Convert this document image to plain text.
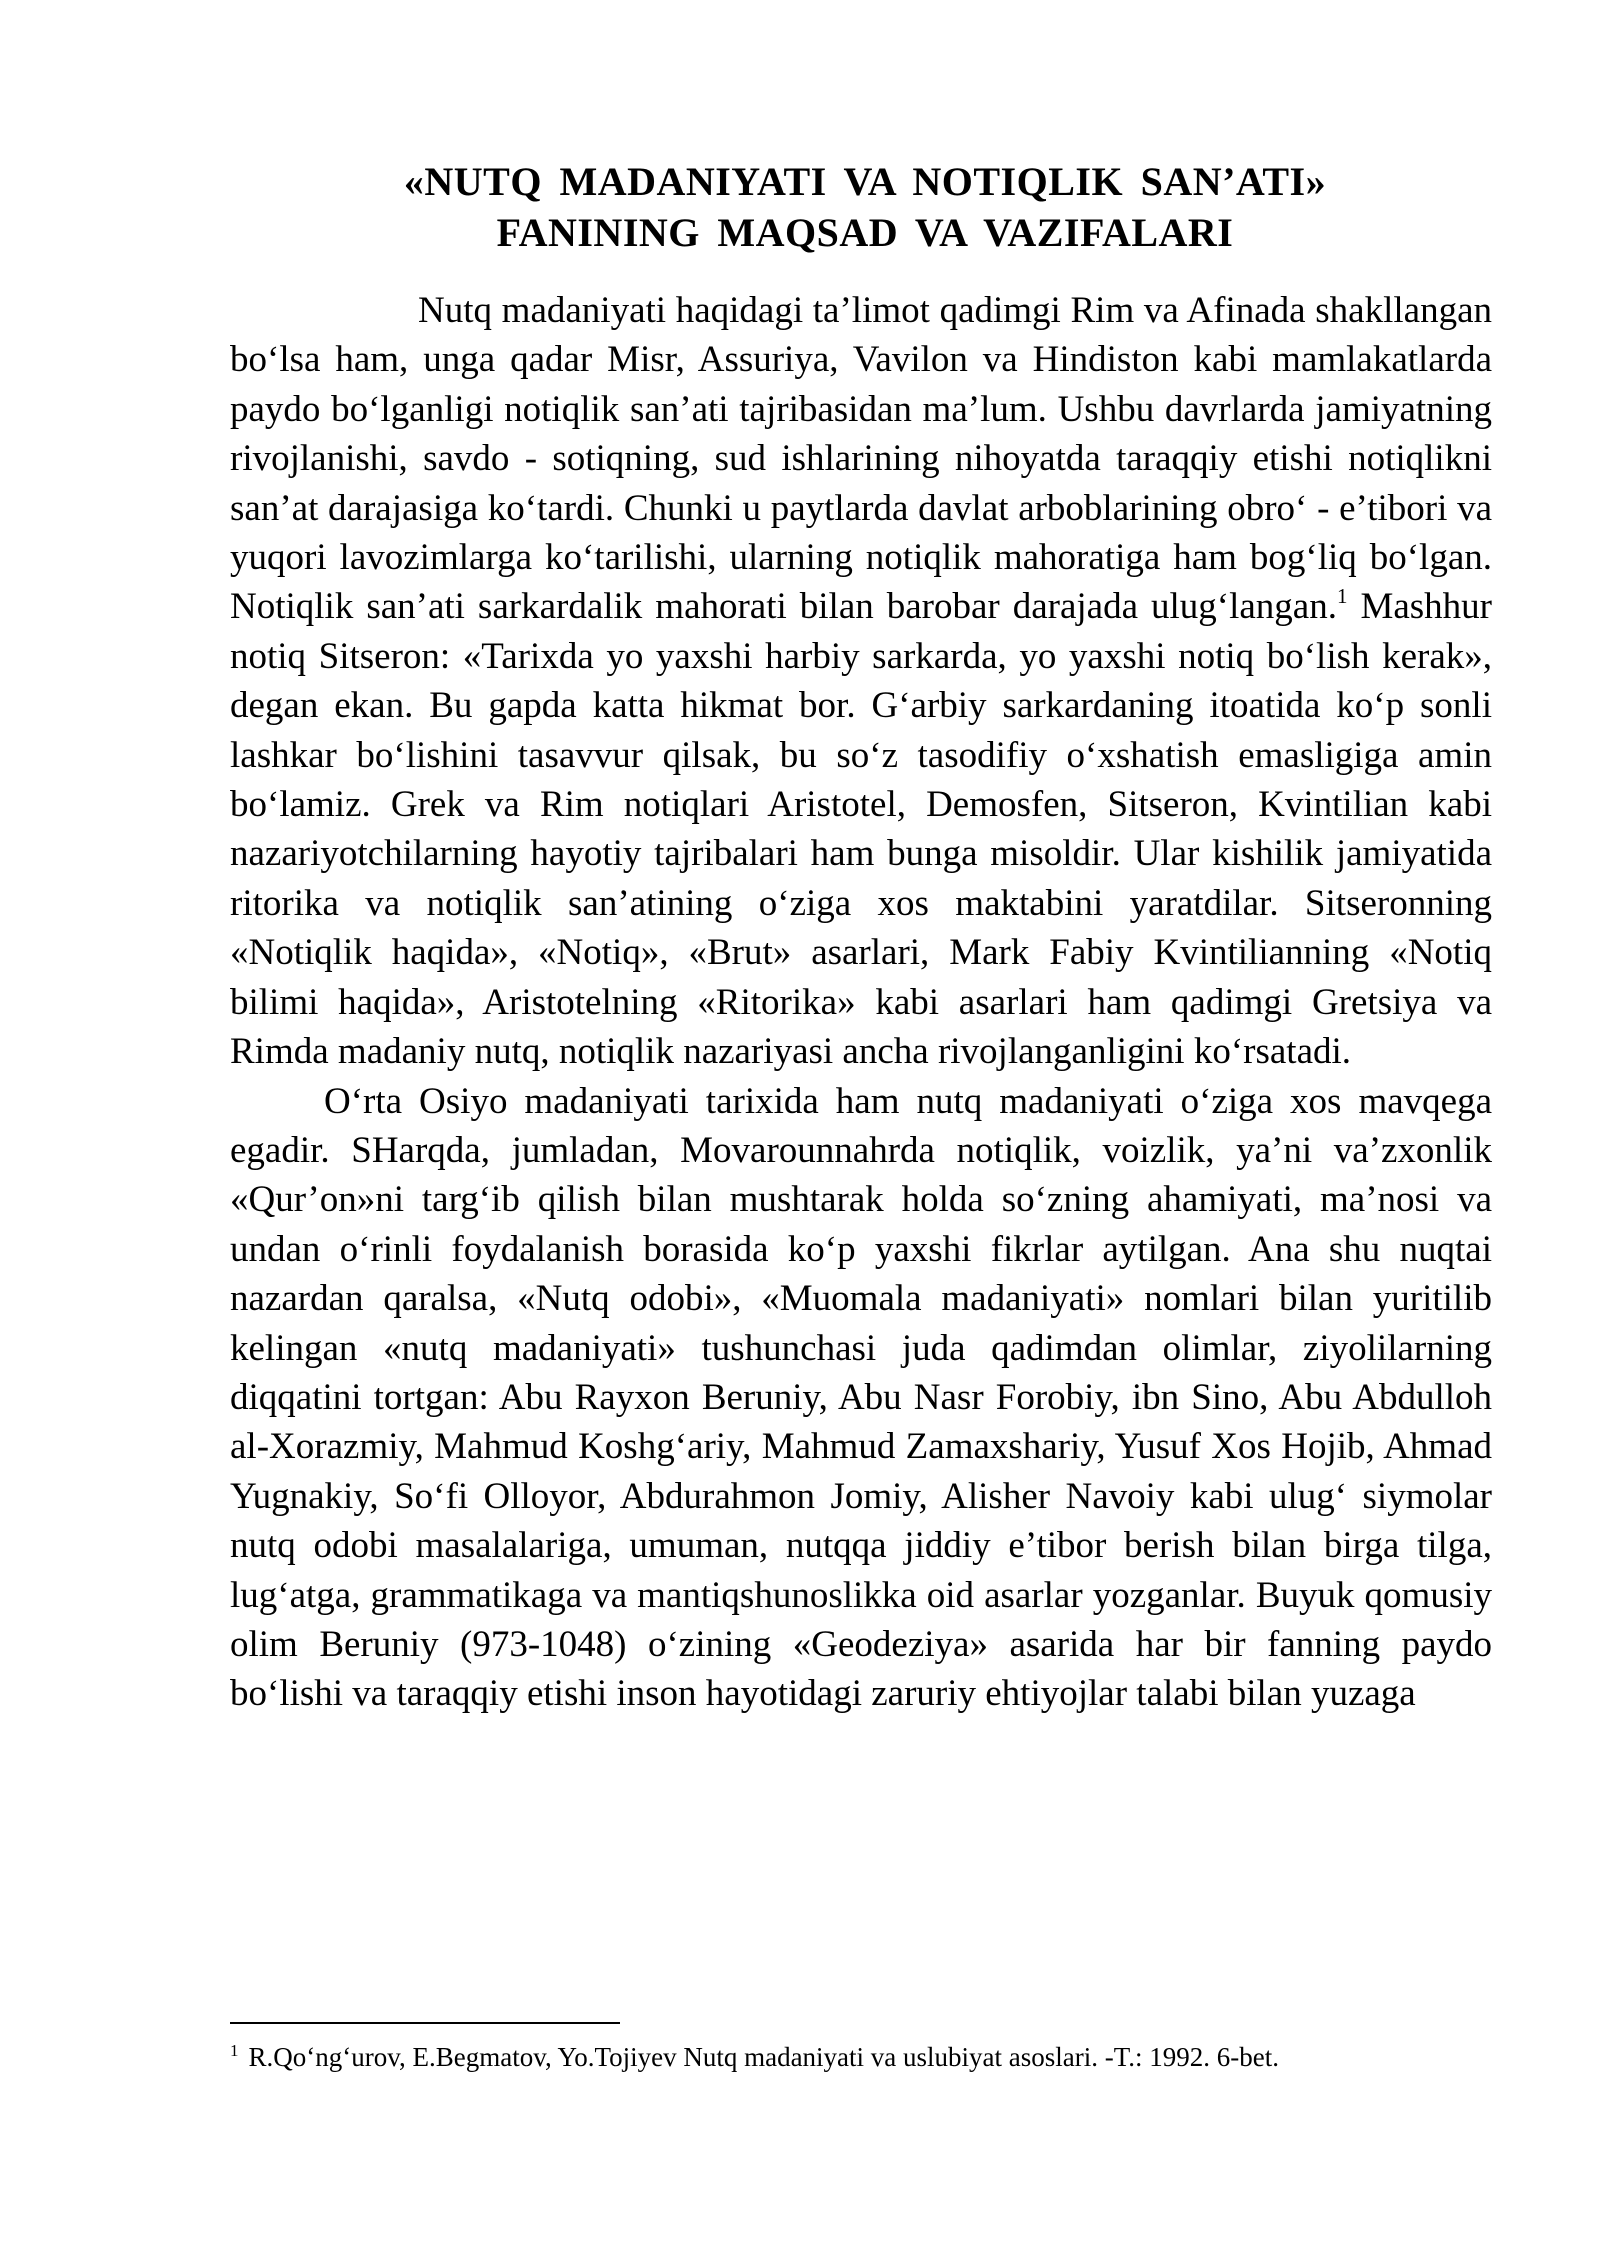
«NUTQ MADANIYATI VA NOTIQLIK SAN’ATI»
FANINING MAQSAD VA VAZIFALARI

Nutq madaniyati haqidagi ta’limot qadimgi Rim va Afinada shakllangan bo‘lsa ham, unga qadar Misr, Assuriya, Vavilon va Hindiston kabi mamlakatlarda paydo bo‘lganligi notiqlik san’ati tajribasidan ma’lum. Ushbu davrlarda jamiyatning rivojlanishi, savdo - sotiqning, sud ishlarining nihoyatda taraqqiy etishi notiqlikni san’at darajasiga ko‘tardi. Chunki u paytlarda davlat arboblarining obro‘ - e’tibori va yuqori lavozimlarga ko‘tarilishi, ularning notiqlik mahoratiga ham bog‘liq bo‘lgan. Notiqlik san’ati sarkardalik mahorati bilan barobar darajada ulug‘langan.$^1$ Mashhur notiq Sitseron: «Tarixda yo yaxshi harbiy sarkarda, yo yaxshi notiq bo‘lish kerak», degan ekan. Bu gapda katta hikmat bor. G‘arbiy sarkardaning itoatida ko‘p sonli lashkar bo‘lishini tasavvur qilsak, bu so‘z tasodifiy o‘xshatish emasligiga amin bo‘lamiz. Grek va Rim notiqlari Aristotel, Demosfen, Sitseron, Kvintilian kabi nazariyotchilarning hayotiy tajribalari ham bunga misoldir. Ular kishilik jamiyatida ritorika va notiqlik san’atining o‘ziga xos maktabini yaratdilar. Sitseronning «Notiqlik haqida», «Notiq», «Brut» asarlari, Mark Fabiy Kvintilianning «Notiq bilimi haqida», Aristotelning «Ritorika» kabi asarlari ham qadimgi Gretsiya va Rimda madaniy nutq, notiqlik nazariyasi ancha rivojlanganligini ko‘rsatadi.

O‘rta Osiyo madaniyati tarixida ham nutq madaniyati o‘ziga xos mavqega egadir. SHarqda, jumladan, Movarounnahrda notiqlik, voizlik, ya’ni va’zxonlik «Qur’on»ni targ‘ib qilish bilan mushtarak holda so‘zning ahamiyati, ma’nosi va undan o‘rinli foydalanish borasida ko‘p yaxshi fikrlar aytilgan. Ana shu nuqtai nazardan qaralsa, «Nutq odobi», «Muomala madaniyati» nomlari bilan yuritilib kelingan «nutq madaniyati» tushunchasi juda qadimdan olimlar, ziyolilarning diqqatini tortgan: Abu Rayxon Beruniy, Abu Nasr Forobiy, ibn Sino, Abu Abdulloh al-Xorazmiy, Mahmud Koshg‘ariy, Mahmud Zamaxshariy, Yusuf Xos Hojib, Ahmad Yugnakiy, So‘fi Olloyor, Abdurahmon Jomiy, Alisher Navoiy kabi ulug‘ siymolar nutq odobi masalalariga, umuman, nutqqa jiddiy e’tibor berish bilan birga tilga, lug‘atga, grammatikaga va mantiqshunoslikka oid asarlar yozganlar. Buyuk qomusiy olim Beruniy (973-1048) o‘zining «Geodeziya» asarida har bir fanning paydo bo‘lishi va taraqqiy etishi inson hayotidagi zaruriy ehtiyojlar talabi bilan yuzaga

$^1$ R.Qo‘ng‘urov, E.Begmatov, Yo.Tojiyev Nutq madaniyati va uslubiyat asoslari. -T.: 1992. 6-bet.
